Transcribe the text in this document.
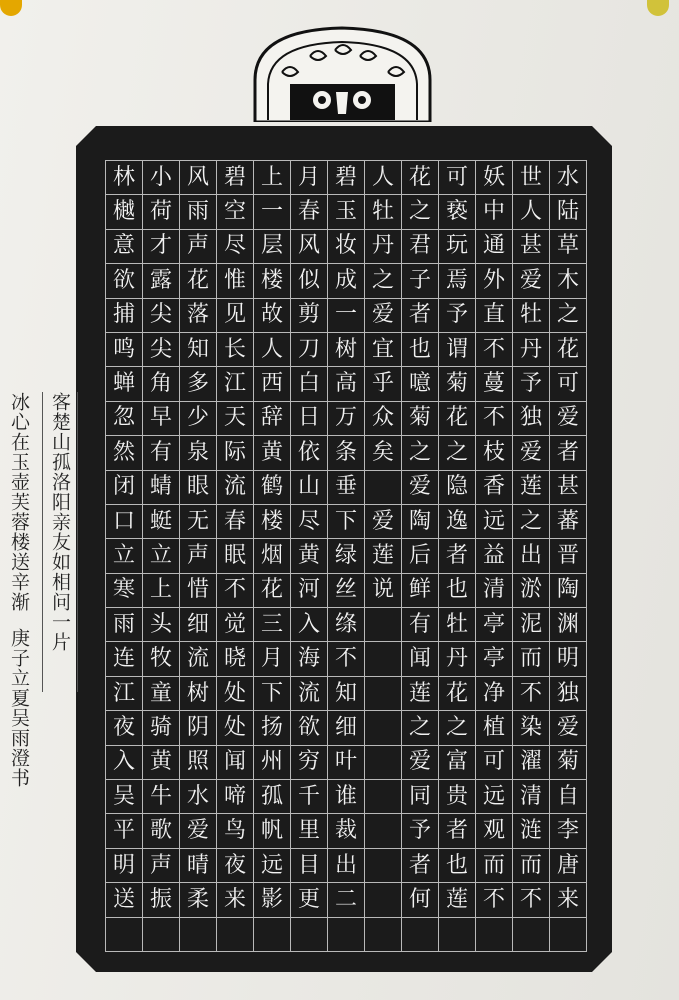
林 小 风 碧 上 月 碧 人 花 可 妖 世 水
樾 荷 雨 空 一 春 玉 牡 之 亵 中 人 陆
意 才 声 尽 层 风 妆 丹 君 玩 通 甚 草
欲 露 花 惟 楼 似 成 之 子 焉 外 爱 木
捕 尖 落 见 故 剪 一 爱 者 予 直 牡 之
鸣 尖 知 长 人 刀 树 宜 也 谓 不 丹 花
蝉 角 多 江 西 白 高 乎 噫 菊 蔓 予 可
忽 早 少 天 辞 日 万 众 菊 花 不 独 爱
然 有 泉 际 黄 依 条 矣 之 之 枝 爱 者
闭 蜻 眼 流 鹤 山 垂	爱 隐 香 莲 甚
口 蜓 无 春 楼 尽 下 爱 陶 逸 远 之 蕃
立 立 声 眠 烟 黄 绿 莲 后 者 益 出 晋
寒 上 惜 不 花 河 丝 说 鲜 也 清 淤 陶
雨 头 细 觉 三 入 绦	有 牡 亭 泥 渊
连 牧 流 晓 月 海 不	闻 丹 亭 而 明
江 童 树 处 下 流 知	莲 花 净 不 独
夜 骑 阴 处 扬 欲 细	之 之 植 染 爱
入 黄 照 闻 州 穷 叶	爱 富 可 濯 菊
吴 牛 水 啼 孤 千 谁	同 贵 远 清 自
平 歌 爱 鸟 帆 里 裁	予 者 观 涟 李
明 声 晴 夜 远 目 出	者 也 而 而 唐
送 振 柔 来 影 更 二	何 莲 不 不 来
客楚山孤洛阳亲友如相问一片
冰心在玉壶芙蓉楼送辛渐
庚子立夏吴雨澄书
